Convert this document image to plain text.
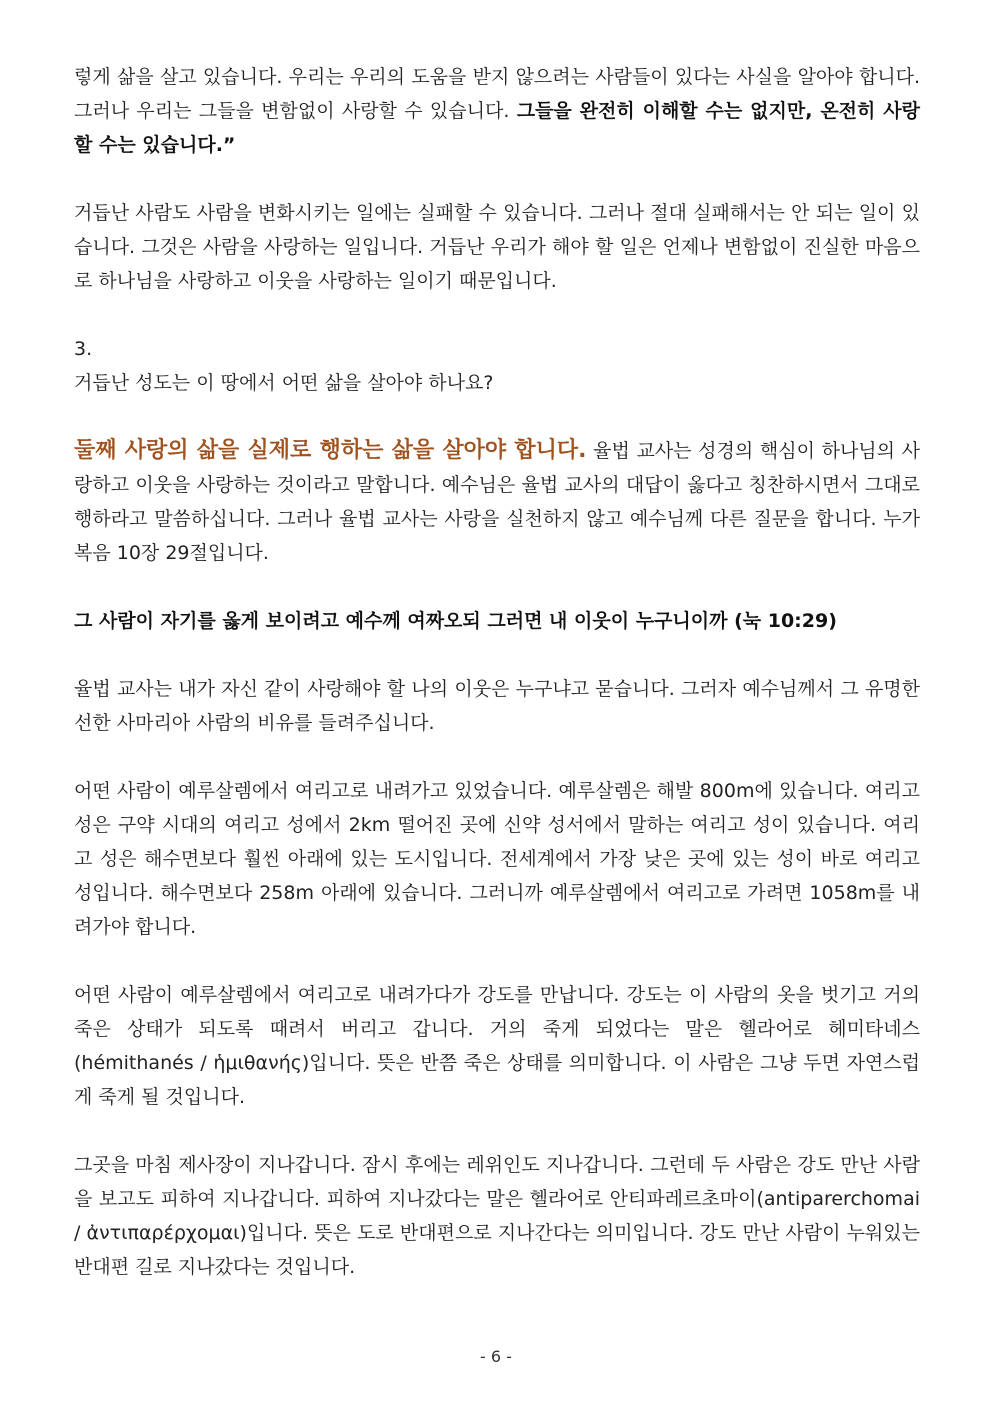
렇게 삶을 살고 있습니다. 우리는 우리의 도움을 받지 않으려는 사람들이 있다는 사실을 알아야 합니다. 그러나 우리는 그들을 변함없이 사랑할 수 있습니다. 그들을 완전히 이해할 수는 없지만, 온전히 사랑할 수는 있습니다.”

거듭난 사람도 사람을 변화시키는 일에는 실패할 수 있습니다. 그러나 절대 실패해서는 안 되는 일이 있습니다. 그것은 사람을 사랑하는 일입니다. 거듭난 우리가 해야 할 일은 언제나 변함없이 진실한 마음으로 하나님을 사랑하고 이웃을 사랑하는 일이기 때문입니다.

3.

거듭난 성도는 이 땅에서 어떤 삶을 살아야 하나요?

둘째 사랑의 삶을 실제로 행하는 삶을 살아야 합니다. 율법 교사는 성경의 핵심이 하나님의 사랑하고 이웃을 사랑하는 것이라고 말합니다. 예수님은 율법 교사의 대답이 옳다고 칭찬하시면서 그대로 행하라고 말씀하십니다. 그러나 율법 교사는 사랑을 실천하지 않고 예수님께 다른 질문을 합니다. 누가복음 10장 29절입니다.

그 사람이 자기를 옳게 보이려고 예수께 여짜오되 그러면 내 이웃이 누구니이까 (눅 10:29)

율법 교사는 내가 자신 같이 사랑해야 할 나의 이웃은 누구냐고 묻습니다. 그러자 예수님께서 그 유명한 선한 사마리아 사람의 비유를 들려주십니다.

어떤 사람이 예루살렘에서 여리고로 내려가고 있었습니다. 예루살렘은 해발 800m에 있습니다. 여리고 성은 구약 시대의 여리고 성에서 2km 떨어진 곳에 신약 성서에서 말하는 여리고 성이 있습니다. 여리고 성은 해수면보다 훨씬 아래에 있는 도시입니다. 전세계에서 가장 낮은 곳에 있는 성이 바로 여리고 성입니다. 해수면보다 258m 아래에 있습니다. 그러니까 예루살렘에서 여리고로 가려면 1058m를 내려가야 합니다.

어떤 사람이 예루살렘에서 여리고로 내려가다가 강도를 만납니다. 강도는 이 사람의 옷을 벗기고 거의 죽은 상태가 되도록 때려서 버리고 갑니다. 거의 죽게 되었다는 말은 헬라어로 헤미타네스(hémithanés / ἡμιθανής)입니다. 뜻은 반쯤 죽은 상태를 의미합니다. 이 사람은 그냥 두면 자연스럽게 죽게 될 것입니다.

그곳을 마침 제사장이 지나갑니다. 잠시 후에는 레위인도 지나갑니다. 그런데 두 사람은 강도 만난 사람을 보고도 피하여 지나갑니다. 피하여 지나갔다는 말은 헬라어로 안티파레르초마이(antiparerchomai / ἀντιπαρέρχομαι)입니다. 뜻은 도로 반대편으로 지나간다는 의미입니다. 강도 만난 사람이 누워있는 반대편 길로 지나갔다는 것입니다.

- 6 -
